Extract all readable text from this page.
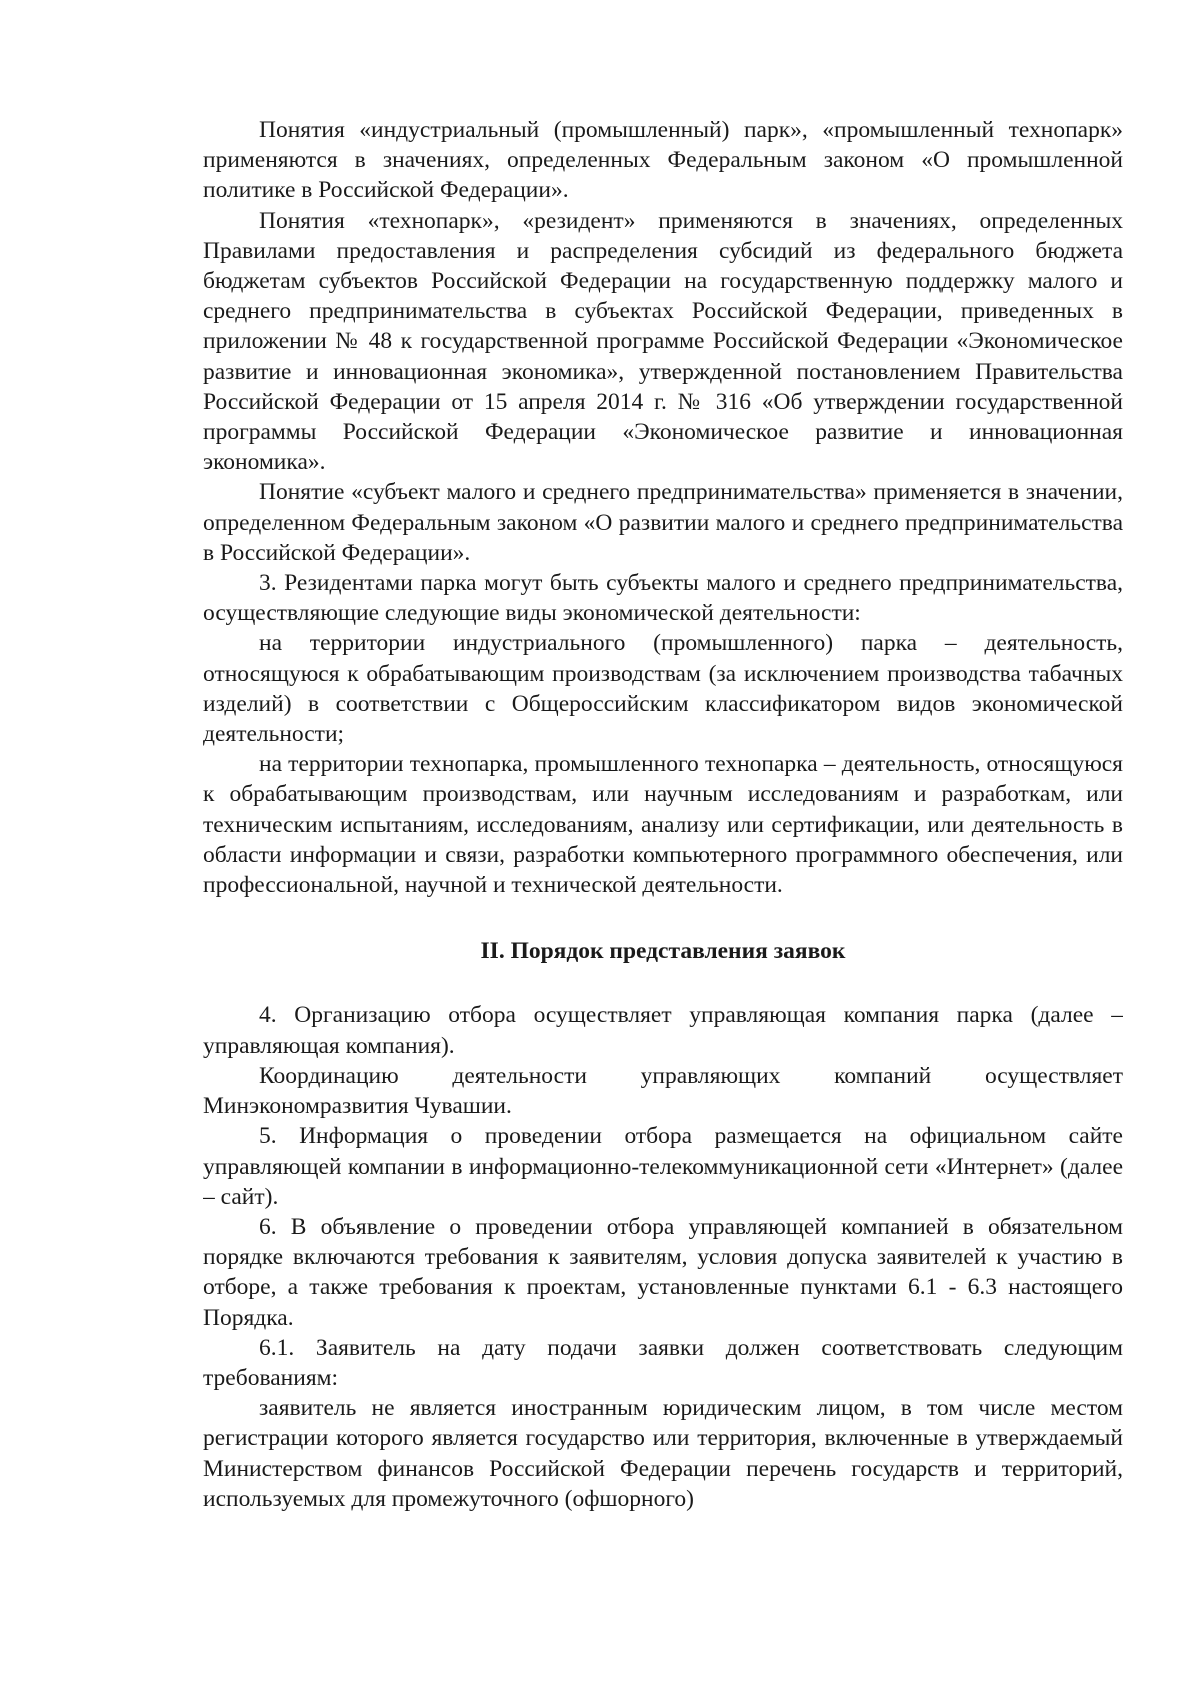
Понятия «индустриальный (промышленный) парк», «промышленный технопарк» применяются в значениях, определенных Федеральным законом «О промышленной политике в Российской Федерации».

Понятия «технопарк», «резидент» применяются в значениях, определенных Правилами предоставления и распределения субсидий из федерального бюджета бюджетам субъектов Российской Федерации на государственную поддержку малого и среднего предпринимательства в субъектах Российской Федерации, приведенных в приложении № 48 к государственной программе Российской Федерации «Экономическое развитие и инновационная экономика», утвержденной постановлением Правительства Российской Федерации от 15 апреля 2014 г. № 316 «Об утверждении государственной программы Российской Федерации «Экономическое развитие и инновационная экономика».

Понятие «субъект малого и среднего предпринимательства» применяется в значении, определенном Федеральным законом «О развитии малого и среднего предпринимательства в Российской Федерации».

3. Резидентами парка могут быть субъекты малого и среднего предпринимательства, осуществляющие следующие виды экономической деятельности:

на территории индустриального (промышленного) парка – деятельность, относящуюся к обрабатывающим производствам (за исключением производства табачных изделий) в соответствии с Общероссийским классификатором видов экономической деятельности;

на территории технопарка, промышленного технопарка – деятельность, относящуюся к обрабатывающим производствам, или научным исследованиям и разработкам, или техническим испытаниям, исследованиям, анализу или сертификации, или деятельность в области информации и связи, разработки компьютерного программного обеспечения, или профессиональной, научной и технической деятельности.

II. Порядок представления заявок

4. Организацию отбора осуществляет управляющая компания парка (далее – управляющая компания).

Координацию деятельности управляющих компаний осуществляет Минэкономразвития Чувашии.

5. Информация о проведении отбора размещается на официальном сайте управляющей компании в информационно-телекоммуникационной сети «Интернет» (далее – сайт).

6. В объявление о проведении отбора управляющей компанией в обязательном порядке включаются требования к заявителям, условия допуска заявителей к участию в отборе, а также требования к проектам, установленные пунктами 6.1 - 6.3 настоящего Порядка.

6.1. Заявитель на дату подачи заявки должен соответствовать следующим требованиям:

заявитель не является иностранным юридическим лицом, в том числе местом регистрации которого является государство или территория, включенные в утверждаемый Министерством финансов Российской Федерации перечень государств и территорий, используемых для промежуточного (офшорного)
